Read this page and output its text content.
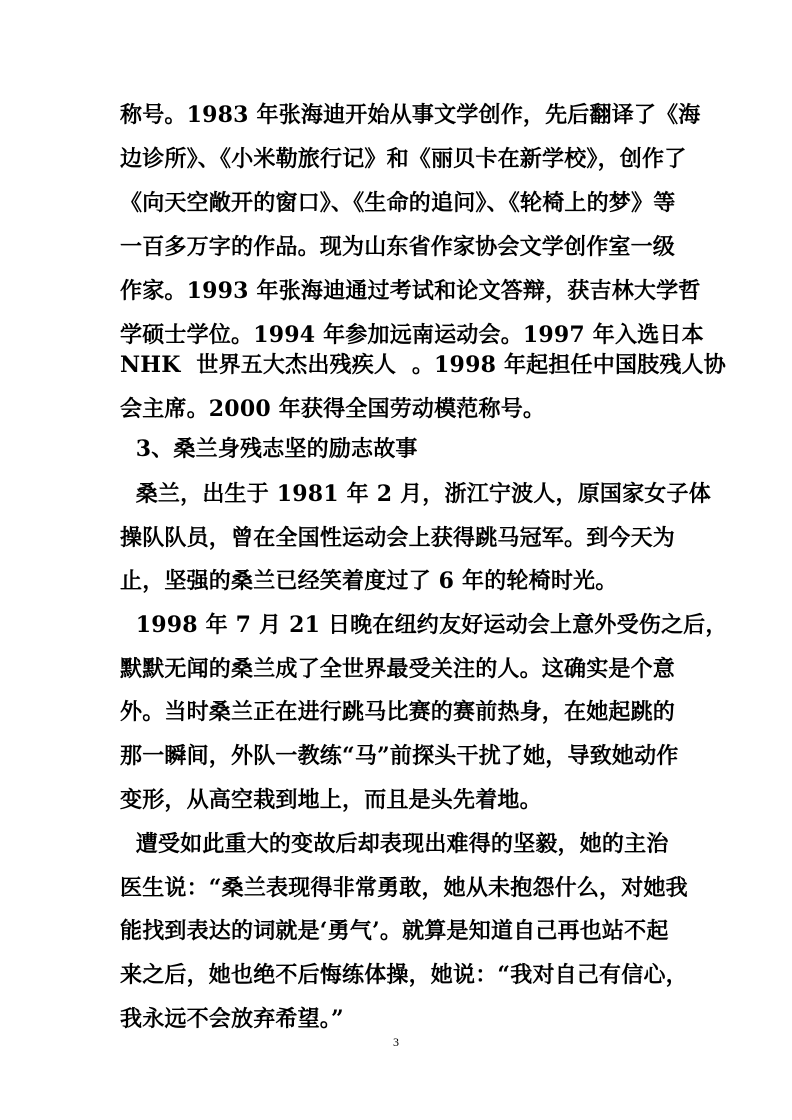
称号。1983 年张海迪开始从事文学创作，先后翻译了《海
边诊所》、《小米勒旅行记》和《丽贝卡在新学校》，创作了
《向天空敞开的窗口》、《生命的追问》、《轮椅上的梦》等
一百多万字的作品。现为山东省作家协会文学创作室一级
作家。1993 年张海迪通过考试和论文答辩，获吉林大学哲
学硕士学位。1994 年参加远南运动会。1997 年入选日本
NHK  世界五大杰出残疾人  。1998 年起担任中国肢残人协
会主席。2000 年获得全国劳动模范称号。
3、桑兰身残志坚的励志故事
桑兰，出生于 1981 年 2 月，浙江宁波人，原国家女子体
操队队员，曾在全国性运动会上获得跳马冠军。到今天为
止，坚强的桑兰已经笑着度过了 6 年的轮椅时光。
1998 年 7 月 21 日晚在纽约友好运动会上意外受伤之后，
默默无闻的桑兰成了全世界最受关注的人。这确实是个意
外。当时桑兰正在进行跳马比赛的赛前热身，在她起跳的
那一瞬间，外队一教练“马”前探头干扰了她，导致她动作
变形，从高空栽到地上，而且是头先着地。
遭受如此重大的变故后却表现出难得的坚毅，她的主治
医生说：“桑兰表现得非常勇敢，她从未抱怨什么，对她我
能找到表达的词就是‘勇气’。就算是知道自己再也站不起
来之后，她也绝不后悔练体操，她说：“我对自己有信心，
我永远不会放弃希望。”
3
